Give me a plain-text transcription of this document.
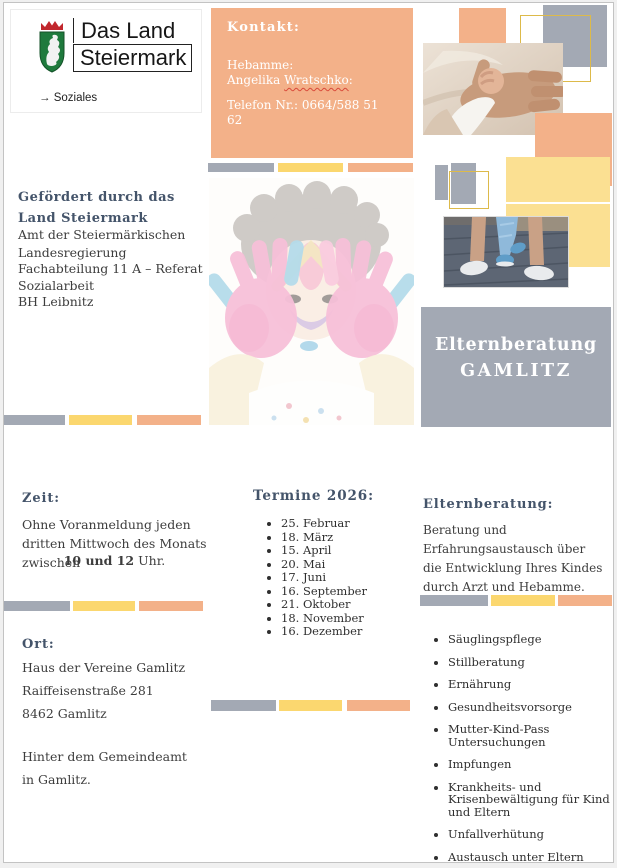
Das Land
Steiermark
→ Soziales
Gefördert durch das Land Steiermark
Amt der Steiermärkischen Landesregierung
Fachabteilung 11 A – Referat Sozialarbeit
BH Leibnitz
Zeit:
Ohne Voranmeldung jeden dritten Mittwoch des Monats zwischen
10 und 12 Uhr.
Ort:
Haus der Vereine Gamlitz
Raiffeisenstraße 281
8462 Gamlitz
Hinter dem Gemeindeamt in Gamlitz.
Kontakt:
Hebamme:
Angelika Wratschko:
Telefon Nr.: 0664/588 51 62
Termine 2026:
• 25. Februar
• 18. März
• 15. April
• 20. Mai
• 17. Juni
• 16. September
• 21. Oktober
• 18. November
• 16. Dezember
Elternberatung
GAMLITZ
Elternberatung:
Beratung und Erfahrungsaustausch über die Entwicklung Ihres Kindes durch Arzt und Hebamme.
• Säuglingspflege
• Stillberatung
• Ernährung
• Gesundheitsvorsorge
• Mutter-Kind-Pass Untersuchungen
• Impfungen
• Krankheits- und Krisenbewältigung für Kind und Eltern
• Unfallverhütung
• Austausch unter Eltern
